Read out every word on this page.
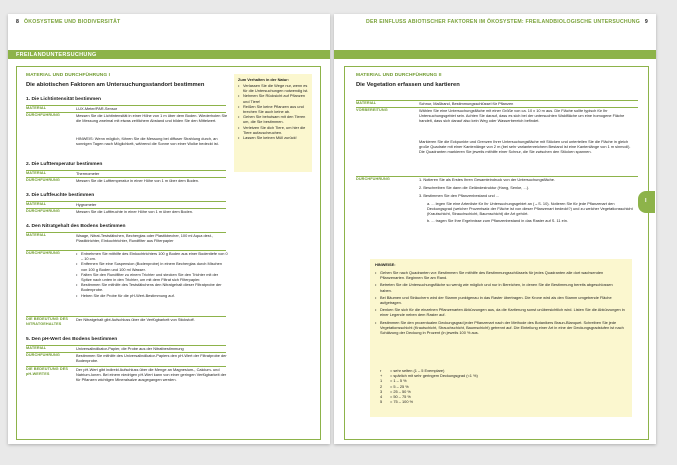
8 ÖKOSYSTEME UND BIODIVERSITÄT
FREILANDUNTERSUCHUNG
MATERIAL UND DURCHFÜHRUNG I
Die abiotischen Faktoren am Untersuchungsstandort bestimmen
Zum Verhalten in der Natur:
• Verlassen Sie die Wege nur, wenn es für die Untersuchungen notwendig ist.
• Nehmen Sie Rücksicht auf Pflanzen und Tiere!
• Reißen Sie keine Pflanzen aus und brechen Sie auch keine ab.
• Gehen Sie behutsam mit den Tieren um, die Sie bestimmen.
• Verletzen Sie dich Tiere, um hier die Tiere aufzuscheuchen.
• Lassen Sie keinen Müll zurück!
1. Die Lichtintensität bestimmen
MATERIAL	LUX-Meter/PAR-Sensor
DURCHFÜHRUNG	Messen Sie die Lichtintensität in einer Höhe von 1 m über dem Boden. Wiederholen Sie die Messung zweimal mit etwas zeitlichem Abstand und bilden Sie den Mittelwert.
HINWEIS: Wenn möglich, führen Sie die Messung bei diffuser Strahlung durch, an sonnigen Tagen nach Möglichkeit, während die Sonne von einer Wolke bedeckt ist.
2. Die Lufttemperatur bestimmen
MATERIAL	Thermometer
DURCHFÜHRUNG	Messen Sie die Lufttemperatur in einer Höhe von 1 m über dem Boden.
3. Die Luftfeuchte bestimmen
MATERIAL	Hygrometer
DURCHFÜHRUNG	Messen Sie die Luftfeuchte in einer Höhe von 1 m über dem Boden.
4. Den Nitratgehalt des Bodens bestimmen
MATERIAL	Waage, Nitrat-Teststäbchen, Becherglas oder Plastikbecher, 100 ml Aqua dest., Plastiktrichter, Einkochtrichter, Rundfilter aus Filterpapier
DURCHFÜHRUNG
•	Entnehmen Sie mithilfe des Einkochtrichters 100 g Boden aus einer Bodentiefe von 0 – 10 cm.
• Entfernen Sie eine Suspension (Bodenprobe) in einem Becherglas durch Mischen von 100 g Boden und 100 ml Wasser.
• Falten Sie den Rundfilter zu einem Trichter und stecken Sie den Trichter mit der Spitze nach unten in den Trichter, um mit dem Filtrat sich Filterpapier.
• Bestimmen Sie mithilfe des Teststäbchens den Nitratgehalt dieser Filtratprobe der Bodenprobe.
• Heben Sie die Probe für die pH-Wert-Bestimmung auf.
DIE BEDEUTUNG DES NITRATGEHALTES
Der Nitratgehalt gibt Aufschluss über die Verfügbarkeit von Stickstoff.
5. Den pH-Wert des Bodens bestimmen
MATERIAL	Universalindikator-Papier, die Probe aus der Nitratbestimmung
DURCHFÜHRUNG	Bestimmen Sie mithilfe des Universalindikator-Papiers den pH-Wert der Filtratprobe der Bodenprobe.
DIE BEDEUTUNG DES pH-WERTES
Der pH-Wert gibt indirekt Aufschluss über die Menge an Magnesium-, Calcium- und Natrium-Ionen. Bei einem niedrigen pH-Wert kann von einer geringen Verfügbarkeit der für Pflanzen wichtigen Mineralsalze ausgegangen werden.
DER EINFLUSS ABIOTISCHER FAKTOREN IM ÖKOSYSTEM: FREILANDBIOLOGISCHE UNTERSUCHUNG 9
MATERIAL UND DURCHFÜHRUNG II
Die Vegetation erfassen und kartieren
MATERIAL	Schnur, Maßband, Bestimmungsschlüssel für Pflanzen
VORBEREITUNG	Wählen Sie eine Untersuchungsfläche mit einer Größe von ca. 10 x 10 m aus. Die Fläche sollte typisch für Ihr Untersuchungsgebiet sein. Achten Sie darauf, dass es sich bei der untersuchten Waldfläche um eine homogene Fläche handelt, dass sich darauf also kein Weg oder Wasserbereich befindet.
Markieren Sie die Eckpunkte und Grenzen Ihrer Untersuchungsfläche mit Stöcken und unterteilen Sie die Fläche in gleich große Quadrate mit einer Kantenlänge von 2 m (bei sehr variantenreichem Bestand ist eine Kantenlänge von 1 m sinnvoll). Die Quadranten markieren Sie jeweils mithilfe einer Schnur, die Sie zwischen den Stöcken spannen.
DURCHFÜHRUNG	1. Notieren Sie als Erstes Ihren Gesamteindruck von der Untersuchungsfläche.
2. Beschreiben Sie dann die Geländestruktur (Hang, Senke, ...).
3. Bestimmen Sie den Pflanzenbestand und ...
a. ... legen Sie eine Artenliste für Ihr Untersuchungsgebiet an (→S. 10). Notieren Sie für jede Pflanzenart den Deckungsgrad (welcher Prozentsatz der Fläche ist von dieser Pflanzenart bedeckt?) und zu welcher Vegetationsschicht (Krautschicht, Strauchschicht, Baumschicht) die Art gehört.
b. ... tragen Sie Ihre Ergebnisse zum Pflanzenbestand in das Raster auf S. 11 ein.
HINWEISE:
• Gehen Sie nach Quadranten vor: Bestimmen Sie mithilfe des Bestimmungsschlüssels für jedes Quadranten alle dort wachsenden Pflanzenarten. Beginnen Sie am Rand.
• Betreten Sie die Untersuchungsfläche so wenig wie möglich und nur in Bereichen, in denen Sie die Bestimmung bereits abgeschlossen haben.
• Bei Bäumen und Sträuchern wird der Stamm punktgenau in das Raster übertragen. Die Krone wird als den Stamm umgebende Fläche aufgetragen.
• Denken Sie sich für die einzelnen Pflanzenarten Abkürzungen aus, da die Kartierung sonst unübersichtlich wird. Listen Sie die Abkürzungen in einer Legende neben dem Raster auf.
• Bestimmen Sie den prozentualen Deckungsgrad jeder Pflanzenart nach der Methode des Botanikers Braun-Blanquet. Schreiben Sie jede Vegetationsschicht (Krautschicht, Strauchschicht, Baumschicht) getrennt auf. Die Einteilung einer Art in eine der Deckungsgradstufen ist nach Schätzung der Deckung in Prozent (in jeweils 100 % aus.
r = sehr selten (1 – 5 Exemplare)
+ = spärlich mit sehr geringem Deckungsgrad (<1 %)
1 = 1 – 5 %
2 = 5 – 25 %
3 = 25 – 50 %
4 = 50 – 75 %
5 = 75 – 100 %
I
